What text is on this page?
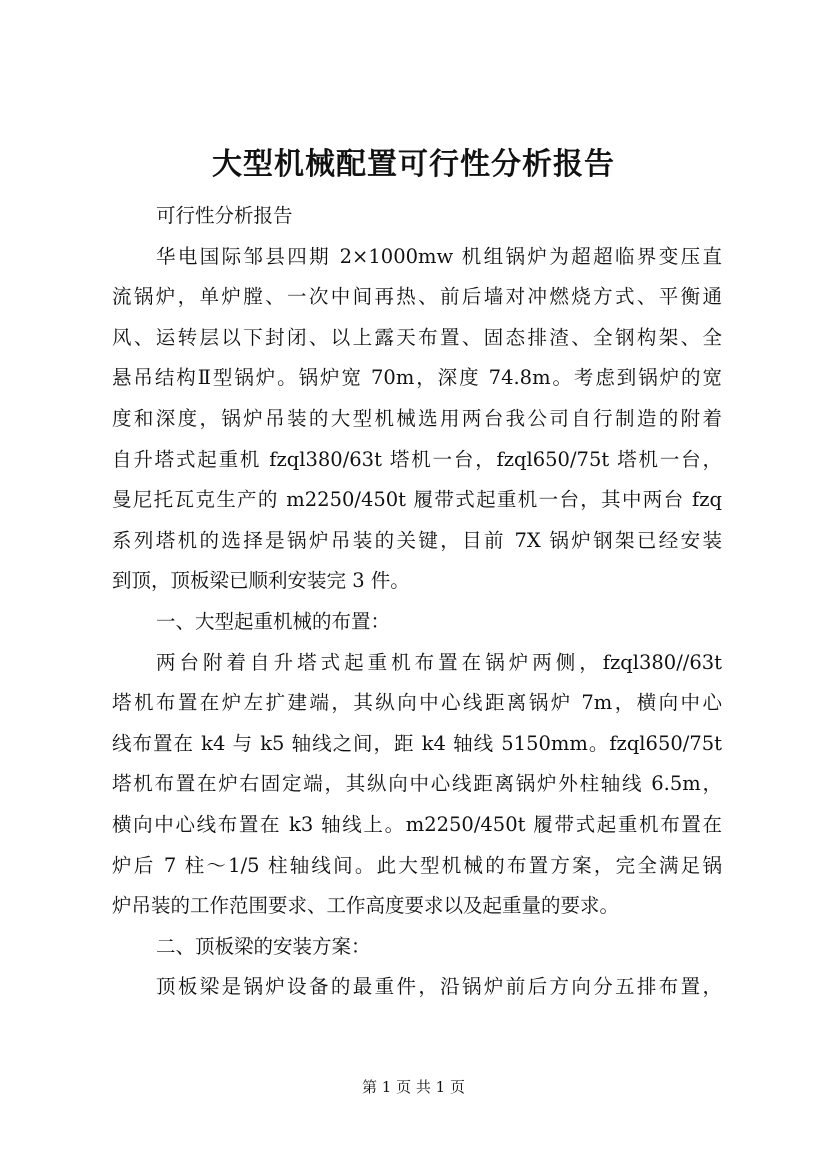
大型机械配置可行性分析报告
可行性分析报告
华电国际邹县四期 2×1000mw 机组锅炉为超超临界变压直
流锅炉，单炉膛、一次中间再热、前后墙对冲燃烧方式、平衡通
风、运转层以下封闭、以上露天布置、固态排渣、全钢构架、全
悬吊结构Ⅱ型锅炉。锅炉宽 70m，深度 74.8m。考虑到锅炉的宽
度和深度，锅炉吊装的大型机械选用两台我公司自行制造的附着
自升塔式起重机 fzql380/63t 塔机一台，fzql650/75t 塔机一台，
曼尼托瓦克生产的 m2250/450t 履带式起重机一台，其中两台 fzq
系列塔机的选择是锅炉吊装的关键，目前 7X 锅炉钢架已经安装
到顶，顶板梁已顺利安装完 3 件。
一、大型起重机械的布置：
两台附着自升塔式起重机布置在锅炉两侧，fzql380//63t
塔机布置在炉左扩建端，其纵向中心线距离锅炉 7m，横向中心
线布置在 k4 与 k5 轴线之间，距 k4 轴线 5150mm。fzql650/75t
塔机布置在炉右固定端，其纵向中心线距离锅炉外柱轴线 6.5m，
横向中心线布置在 k3 轴线上。m2250/450t 履带式起重机布置在
炉后 7 柱～1/5 柱轴线间。此大型机械的布置方案，完全满足锅
炉吊装的工作范围要求、工作高度要求以及起重量的要求。
二、顶板梁的安装方案：
顶板梁是锅炉设备的最重件，沿锅炉前后方向分五排布置，
第 1 页 共 1 页
